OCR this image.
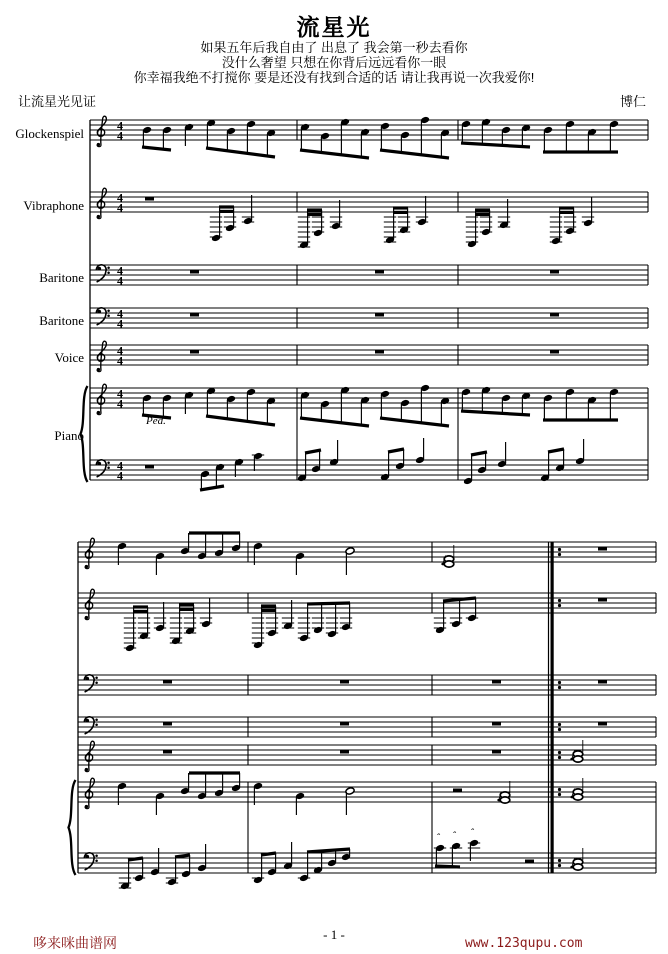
流星光
如果五年后我自由了 出息了 我会第一秒去看你
没什么奢望 只想在你背后远远看你一眼
你幸福我绝不打搅你 要是还没有找到合适的话 请让我再说一次我爱你!
让流星光见证	博仁
Glockenspiel
Vibraphone
Baritone
Baritone
Voice
Piano
4
4
4
4
4
4
4
4
4
4
4
4
Ped.
4
4
ˆ ˆ ˆ
- 1 -
哆来咪曲谱网	www.123qupu.com
